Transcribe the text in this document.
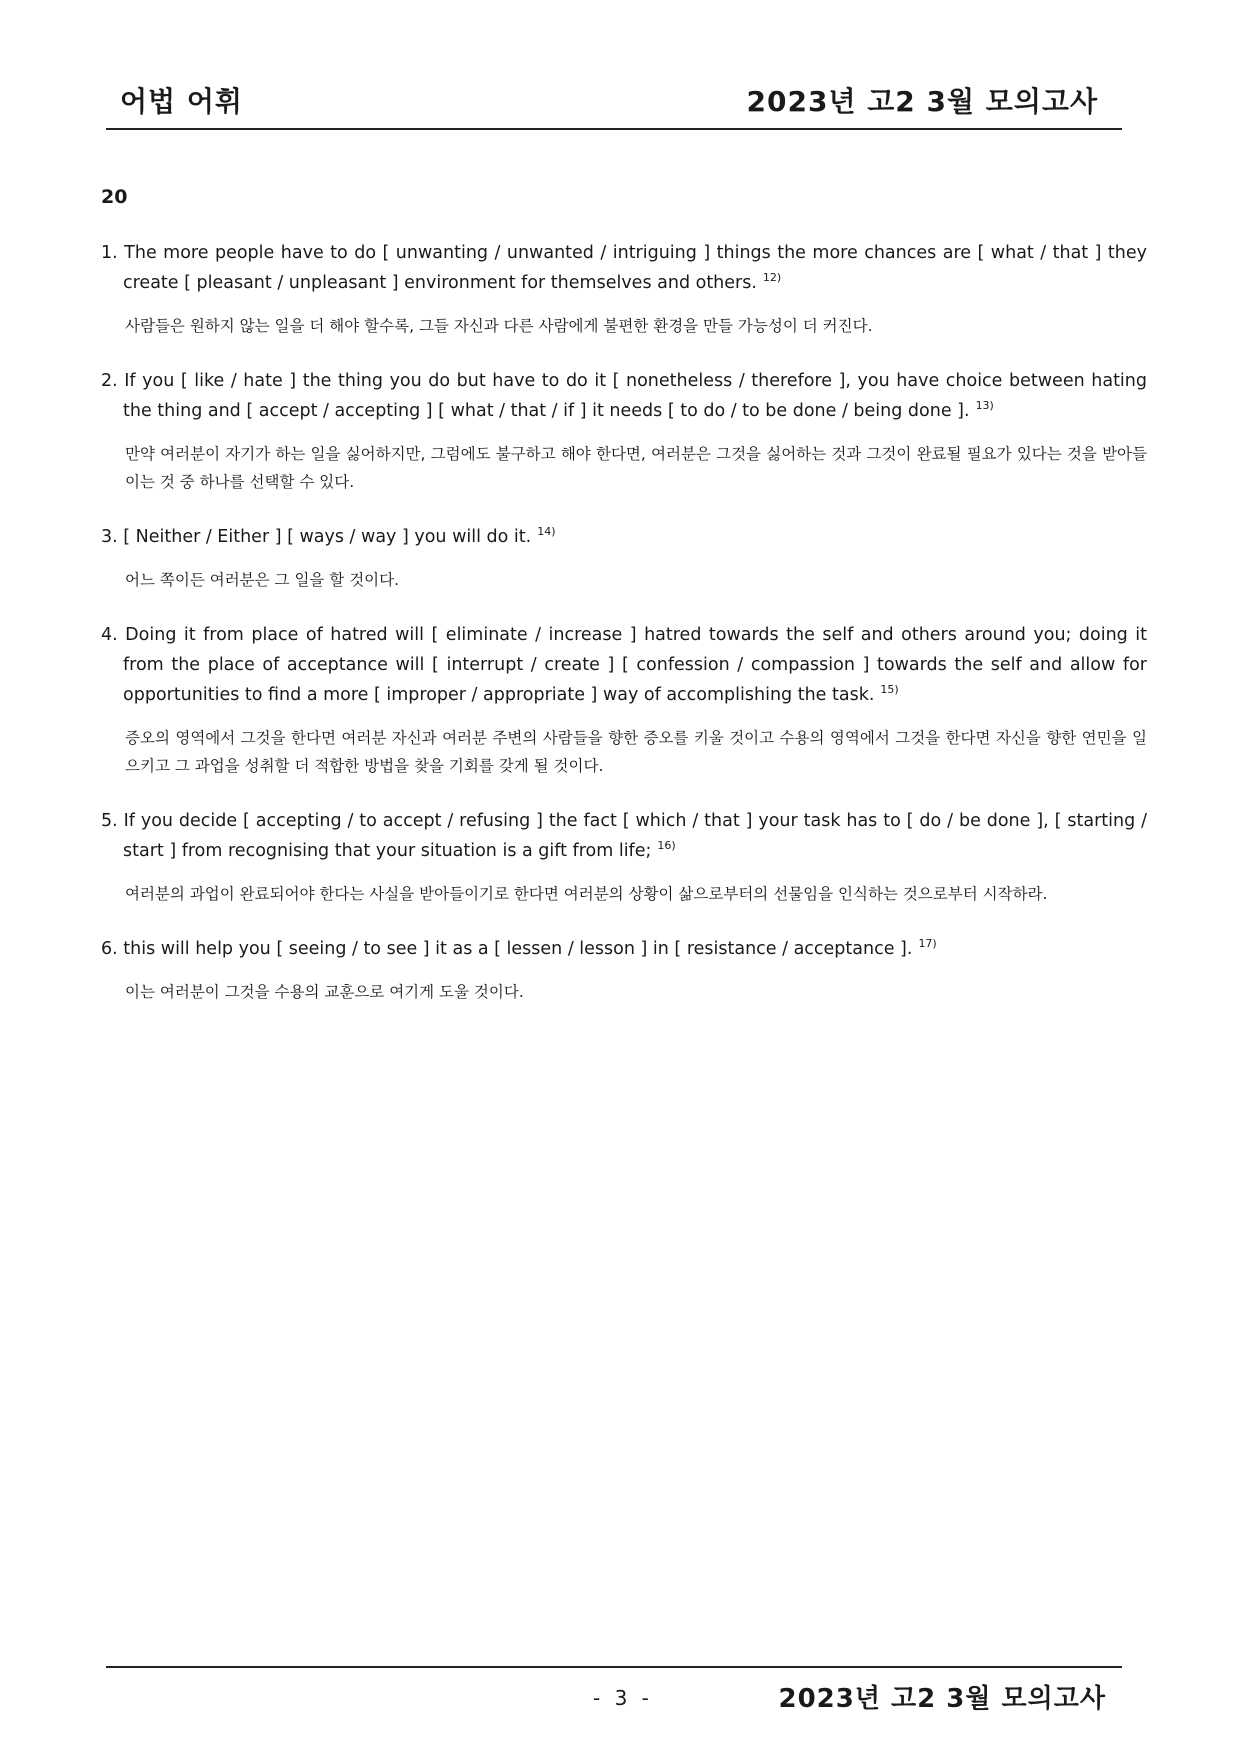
어법 어휘	2023년 고2 3월 모의고사
20
1. The more people have to do [ unwanting / unwanted / intriguing ] things the more chances are [ what / that ] they create [ pleasant / unpleasant ] environment for themselves and others. $^{12)}$
사람들은 원하지 않는 일을 더 해야 할수록, 그들 자신과 다른 사람에게 불편한 환경을 만들 가능성이 더 커진다.
2. If you [ like / hate ] the thing you do but have to do it [ nonetheless / therefore ], you have choice between hating the thing and [ accept / accepting ] [ what / that / if ] it needs [ to do / to be done / being done ]. $^{13)}$
만약 여러분이 자기가 하는 일을 싫어하지만, 그럼에도 불구하고 해야 한다면, 여러분은 그것을 싫어하는 것과 그것이 완료될 필요가 있다는 것을 받아들이는 것 중 하나를 선택할 수 있다.
3. [ Neither / Either ] [ ways / way ] you will do it. $^{14)}$
어느 쪽이든 여러분은 그 일을 할 것이다.
4. Doing it from place of hatred will [ eliminate / increase ] hatred towards the self and others around you; doing it from the place of acceptance will [ interrupt / create ] [ confession / compassion ] towards the self and allow for opportunities to find a more [ improper / appropriate ] way of accomplishing the task. $^{15)}$
증오의 영역에서 그것을 한다면 여러분 자신과 여러분 주변의 사람들을 향한 증오를 키울 것이고 수용의 영역에서 그것을 한다면 자신을 향한 연민을 일으키고 그 과업을 성취할 더 적합한 방법을 찾을 기회를 갖게 될 것이다.
5. If you decide [ accepting / to accept / refusing ] the fact [ which / that ] your task has to [ do / be done ], [ starting / start ] from recognising that your situation is a gift from life; $^{16)}$
여러분의 과업이 완료되어야 한다는 사실을 받아들이기로 한다면 여러분의 상황이 삶으로부터의 선물임을 인식하는 것으로부터 시작하라.
6. this will help you [ seeing / to see ] it as a [ lessen / lesson ] in [ resistance / acceptance ]. $^{17)}$
이는 여러분이 그것을 수용의 교훈으로 여기게 도울 것이다.
- 3 -	2023년 고2 3월 모의고사
